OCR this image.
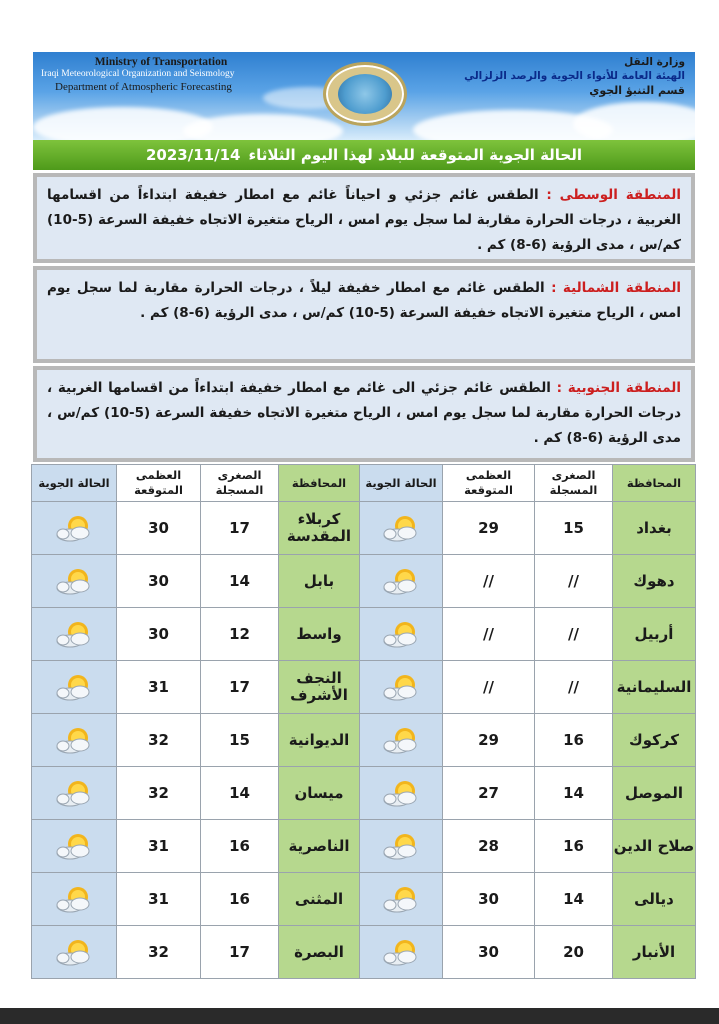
Ministry of Transportation
Iraqi Meteorological Organization and Seismology
Department of Atmospheric Forecasting
وزارة النقل
الهيئة العامة للأنواء الجوية والرصد الزلزالي
قسم التنبؤ الجوي
الحالة الجوية المتوقعة للبلاد لهذا اليوم الثلاثاء
2023/11/14
المنطقة الوسطى : الطقس غائم جزئي و احياناً غائم مع امطار خفيفة ابتداءاً من اقسامها الغربية ، درجات الحرارة مقاربة لما سجل يوم امس ، الرياح متغيرة الاتجاه خفيفة السرعة (5-10) كم/س ، مدى الرؤية (6-8) كم .
المنطقة الشمالية : الطقس غائم مع امطار خفيفة ليلاً ، درجات الحرارة مقاربة لما سجل يوم امس ، الرياح متغيرة الاتجاه خفيفة السرعة (5-10) كم/س ، مدى الرؤية (6-8) كم .
المنطقة الجنوبية : الطقس غائم جزئي الى غائم مع امطار خفيفة ابتداءاً من اقسامها الغربية ، درجات الحرارة مقاربة لما سجل يوم امس ، الرياح متغيرة الاتجاه خفيفة السرعة (5-10) كم/س ، مدى الرؤية (6-8) كم .
الحالة الجوية	العظمى المتوقعة	الصغرى المسجلة	المحافظة	الحالة الجوية	العظمى المتوقعة	الصغرى المسجلة	المحافظة
	30	17	كربلاء المقدسة		29	15	بغداد
	30	14	بابل		//	//	دهوك
	30	12	واسط		//	//	أربيل
	31	17	النجف الأشرف		//	//	السليمانية
	32	15	الديوانية		29	16	كركوك
	32	14	ميسان		27	14	الموصل
	31	16	الناصرية		28	16	صلاح الدين
	31	16	المثنى		30	14	ديالى
	32	17	البصرة		30	20	الأنبار
